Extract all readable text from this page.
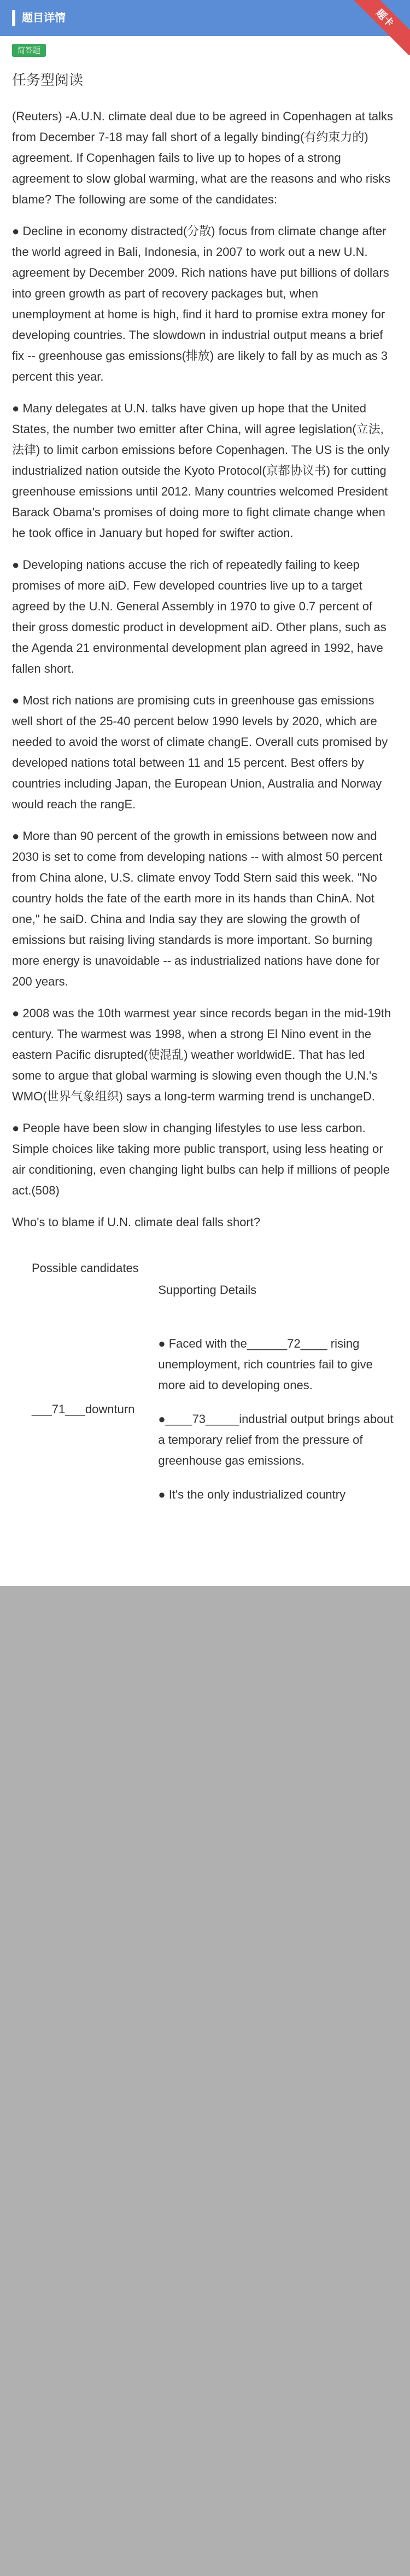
题目详情	题卡
简答题
任务型阅读

(Reuters) -A.U.N. climate deal due to be agreed in Copenhagen at talks from December 7-18 may fall short of a legally binding(有约束力的) agreement. If Copenhagen fails to live up to hopes of a strong agreement to slow global warming, what are the reasons and who risks blame? The following are some of the candidates:

● Decline in economy distracted(分散) focus from climate change after the world agreed in Bali, Indonesia, in 2007 to work out a new U.N. agreement by December 2009. Rich nations have put billions of dollars into green growth as part of recovery packages but, when unemployment at home is high, find it hard to promise extra money for developing countries. The slowdown in industrial output means a brief fix -- greenhouse gas emissions(排放) are likely to fall by as much as 3 percent this year.

● Many delegates at U.N. talks have given up hope that the United States, the number two emitter after China, will agree legislation(立法, 法律) to limit carbon emissions before Copenhagen. The US is the only industrialized nation outside the Kyoto Protocol(京都协议书) for cutting greenhouse emissions until 2012. Many countries welcomed President Barack Obama's promises of doing more to fight climate change when he took office in January but hoped for swifter action.

● Developing nations accuse the rich of repeatedly failing to keep promises of more aiD. Few developed countries live up to a target agreed by the U.N. General Assembly in 1970 to give 0.7 percent of their gross domestic product in development aiD. Other plans, such as the Agenda 21 environmental development plan agreed in 1992, have fallen short.

● Most rich nations are promising cuts in greenhouse gas emissions well short of the 25-40 percent below 1990 levels by 2020, which are needed to avoid the worst of climate changE. Overall cuts promised by developed nations total between 11 and 15 percent. Best offers by countries including Japan, the European Union, Australia and Norway would reach the rangE.

● More than 90 percent of the growth in emissions between now and 2030 is set to come from developing nations -- with almost 50 percent from China alone, U.S. climate envoy Todd Stern said this week. "No country holds the fate of the earth more in its hands than ChinA. Not one," he saiD. China and India say they are slowing the growth of emissions but raising living standards is more important. So burning more energy is unavoidable -- as industrialized nations have done for 200 years.

● 2008 was the 10th warmest year since records began in the mid-19th century. The warmest was 1998, when a strong El Nino event in the eastern Pacific disrupted(使混乱) weather worldwidE. That has led some to argue that global warming is slowing even though the U.N.'s WMO(世界气象组织) says a long-term warming trend is unchangeD.

● People have been slow in changing lifestyles to use less carbon. Simple choices like taking more public transport, using less heating or air conditioning, even changing light bulbs can help if millions of people act.(508)

Who's to blame if U.N. climate deal falls short?

Possible candidates	Supporting Details
___71___downturn	● Faced with the______72____ rising unemployment, rich countries fail to give more aid to developing ones.

●____73_____industrial output brings about a temporary relief from the pressure of greenhouse gas emissions.

● It's the only industrialized country
